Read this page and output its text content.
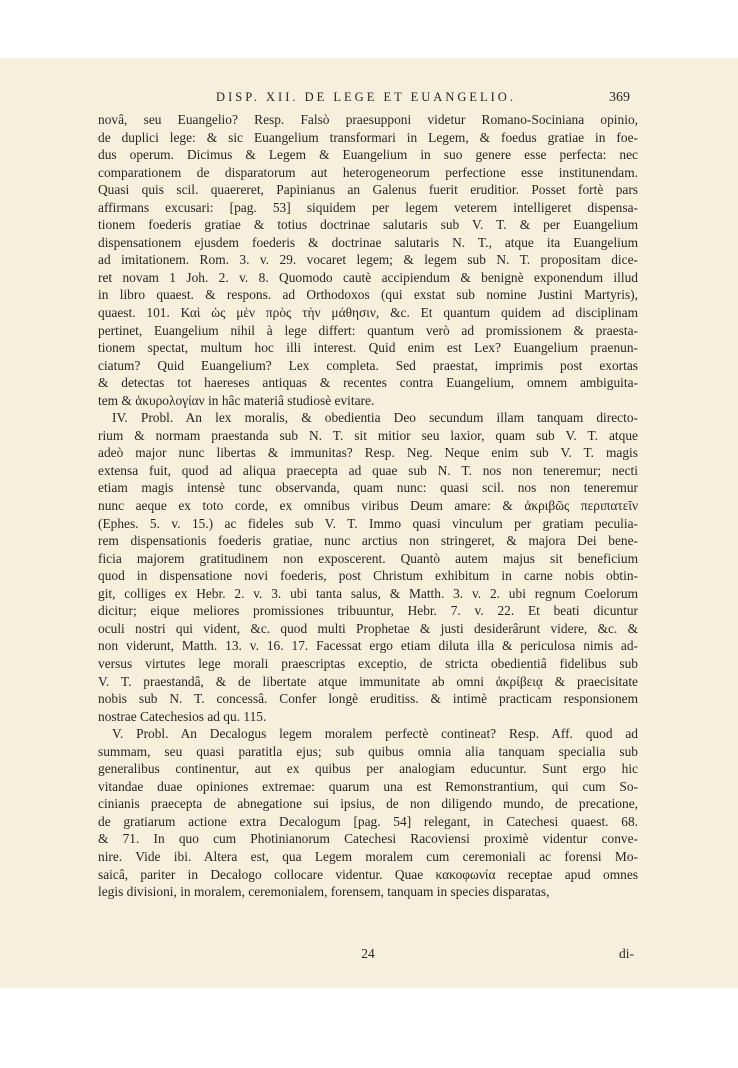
DISP. XII. DE LEGE ET EUANGELIO.	369
novâ, seu Euangelio? Resp. Falsò praesupponi videtur Romano-Sociniana opinio,
de duplici lege: & sic Euangelium transformari in Legem, & foedus gratiae in foe-
dus operum. Dicimus & Legem & Euangelium in suo genere esse perfecta: nec
comparationem de disparatorum aut heterogeneorum perfectione esse institunendam.
Quasi quis scil. quaereret, Papinianus an Galenus fuerit eruditior. Posset fortè pars
affirmans excusari: [pag. 53] siquidem per legem veterem intelligeret dispensa-
tionem foederis gratiae & totius doctrinae salutaris sub V. T. & per Euangelium
dispensationem ejusdem foederis & doctrinae salutaris N. T., atque ita Euangelium
ad imitationem. Rom. 3. v. 29. vocaret legem; & legem sub N. T. propositam dice-
ret novam 1 Joh. 2. v. 8. Quomodo cautè accipiendum & benignè exponendum illud
in libro quaest. & respons. ad Orthodoxos (qui exstat sub nomine Justini Martyris),
quaest. 101. Καὶ ὡς μὲν πρὸς τὴν μάθησιν, &c. Et quantum quidem ad disciplinam
pertinet, Euangelium nihil à lege differt: quantum verò ad promissionem & praesta-
tionem spectat, multum hoc illi interest. Quid enim est Lex? Euangelium praenun-
ciatum? Quid Euangelium? Lex completa. Sed praestat, imprimis post exortas
& detectas tot haereses antiquas & recentes contra Euangelium, omnem ambiguita-
tem & ἀκυρολογίαν in hâc materiâ studiosè evitare.
IV. Probl. An lex moralis, & obedientia Deo secundum illam tanquam directo-
rium & normam praestanda sub N. T. sit mitior seu laxior, quam sub V. T. atque
adeò major nunc libertas & immunitas? Resp. Neg. Neque enim sub V. T. magis
extensa fuit, quod ad aliqua praecepta ad quae sub N. T. nos non teneremur; necti
etiam magis intensè tunc observanda, quam nunc: quasi scil. nos non teneremur
nunc aeque ex toto corde, ex omnibus viribus Deum amare: & ἀκριβῶς περιπατεῖν
(Ephes. 5. v. 15.) ac fideles sub V. T. Immo quasi vinculum per gratiam peculia-
rem dispensationis foederis gratiae, nunc arctius non stringeret, & majora Dei bene-
ficia majorem gratitudinem non exposcerent. Quantò autem majus sit beneficium
quod in dispensatione novi foederis, post Christum exhibitum in carne nobis obtin-
git, colliges ex Hebr. 2. v. 3. ubi tanta salus, & Matth. 3. v. 2. ubi regnum Coelorum
dicitur; eique meliores promissiones tribuuntur, Hebr. 7. v. 22. Et beati dicuntur
oculi nostri qui vident, &c. quod multi Prophetae & justi desiderârunt videre, &c. &
non viderunt, Matth. 13. v. 16. 17. Facessat ergo etiam diluta illa & periculosa nimis ad-
versus virtutes lege morali praescriptas exceptio, de stricta obedientiâ fidelibus sub
V. T. praestandâ, & de libertate atque immunitate ab omni ἀκρίβειᾳ & praecisitate
nobis sub N. T. concessâ. Confer longè eruditiss. & intimè practicam responsionem
nostrae Catechesios ad qu. 115.
V. Probl. An Decalogus legem moralem perfectè contineat? Resp. Aff. quod ad
summam, seu quasi paratitla ejus; sub quibus omnia alia tanquam specialia sub
generalibus continentur, aut ex quibus per analogiam educuntur. Sunt ergo hic
vitandae duae opiniones extremae: quarum una est Remonstrantium, qui cum So-
cinianis praecepta de abnegatione sui ipsius, de non diligendo mundo, de precatione,
de gratiarum actione extra Decalogum [pag. 54] relegant, in Catechesi quaest. 68.
& 71. In quo cum Photinianorum Catechesi Racoviensi proximè videntur conve-
nire. Vide ibi. Altera est, qua Legem moralem cum ceremoniali ac forensi Mo-
saicâ, pariter in Decalogo collocare videntur. Quae κακοφωνία receptae apud omnes
legis divisioni, in moralem, ceremonialem, forensem, tanquam in species disparatas,
24	di-
